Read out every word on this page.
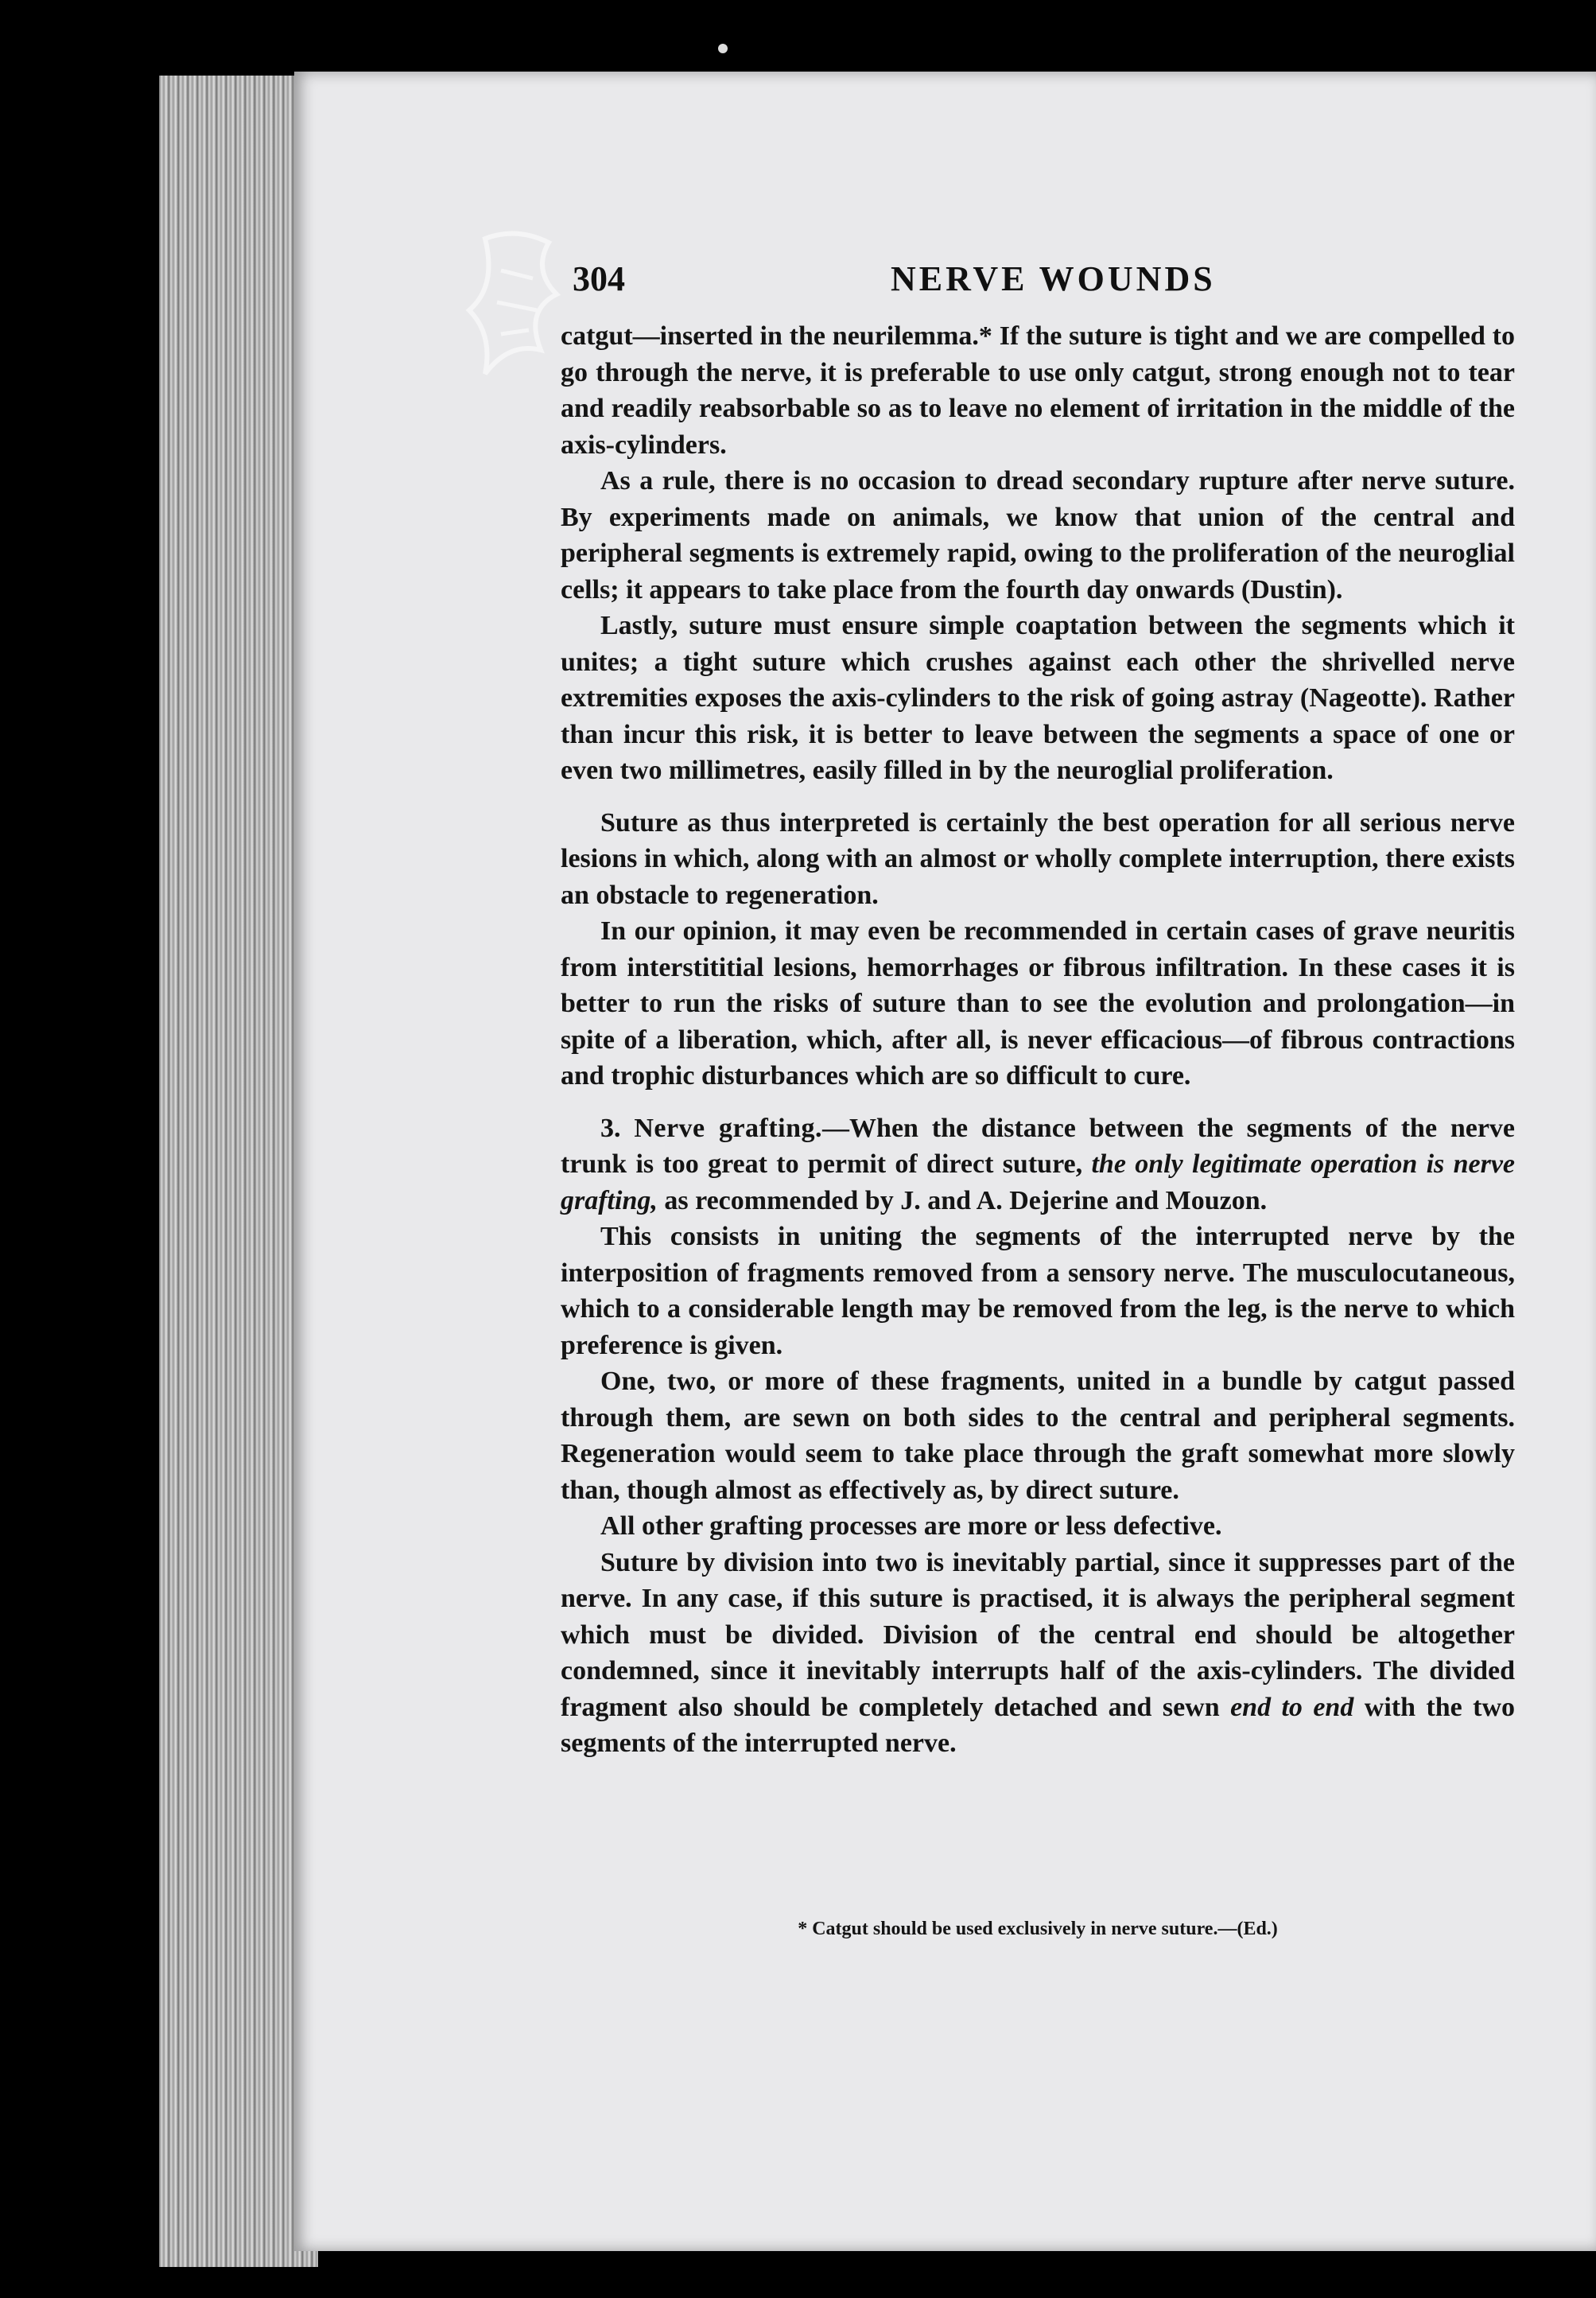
304	NERVE WOUNDS

catgut—inserted in the neurilemma.* If the suture is tight and we are compelled to go through the nerve, it is preferable to use only catgut, strong enough not to tear and readily reabsorbable so as to leave no element of irritation in the middle of the axis-cylinders.

As a rule, there is no occasion to dread secondary rupture after nerve suture. By experiments made on animals, we know that union of the central and peripheral segments is extremely rapid, owing to the proliferation of the neuroglial cells; it appears to take place from the fourth day onwards (Dustin).

Lastly, suture must ensure simple coaptation between the segments which it unites; a tight suture which crushes against each other the shrivelled nerve extremities exposes the axis-cylinders to the risk of going astray (Nageotte). Rather than incur this risk, it is better to leave between the segments a space of one or even two millimetres, easily filled in by the neuroglial proliferation.

Suture as thus interpreted is certainly the best operation for all serious nerve lesions in which, along with an almost or wholly complete interruption, there exists an obstacle to regeneration.

In our opinion, it may even be recommended in certain cases of grave neuritis from interstititial lesions, hemorrhages or fibrous infiltration. In these cases it is better to run the risks of suture than to see the evolution and prolongation—in spite of a liberation, which, after all, is never efficacious—of fibrous contractions and trophic disturbances which are so difficult to cure.

3. Nerve grafting.—When the distance between the segments of the nerve trunk is too great to permit of direct suture, the only legitimate operation is nerve grafting, as recommended by J. and A. Dejerine and Mouzon.

This consists in uniting the segments of the interrupted nerve by the interposition of fragments removed from a sensory nerve. The musculocutaneous, which to a considerable length may be removed from the leg, is the nerve to which preference is given.

One, two, or more of these fragments, united in a bundle by catgut passed through them, are sewn on both sides to the central and peripheral segments. Regeneration would seem to take place through the graft somewhat more slowly than, though almost as effectively as, by direct suture.

All other grafting processes are more or less defective.

Suture by division into two is inevitably partial, since it suppresses part of the nerve. In any case, if this suture is practised, it is always the peripheral segment which must be divided. Division of the central end should be altogether condemned, since it inevitably interrupts half of the axis-cylinders. The divided fragment also should be completely detached and sewn end to end with the two segments of the interrupted nerve.

* Catgut should be used exclusively in nerve suture.—(Ed.)
